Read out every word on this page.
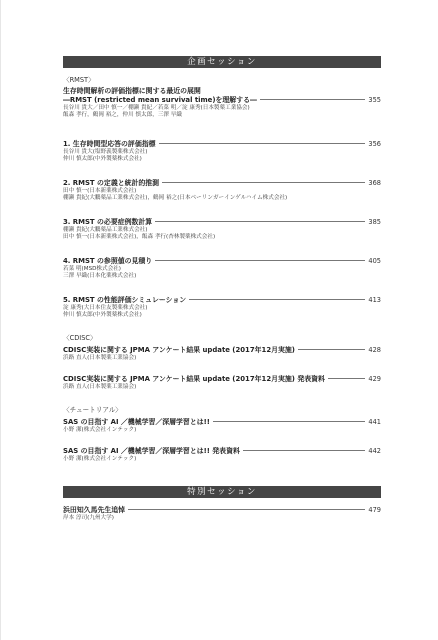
企画セッション
〈RMST〉
生存時間解析の評価指標に関する最近の展開
―RMST (restricted mean survival time)を理解する―	355
長谷川 貴大／田中 慎一／棚瀬 貴紀／若菜 明／淀 康秀(日本製薬工業協会)
飯森 孝行，鶴岡 裕之，仲川 慎太郎，三澤 早織
1. 生存時間型応答の評価指標	356
長谷川 貴大(塩野義製薬株式会社)
仲川 慎太郎(中外製薬株式会社)
2. RMST の定義と統計的推測	368
田中 慎一(日本新薬株式会社)
棚瀬 貴紀(大鵬薬品工業株式会社)，鶴岡 裕之(日本ベーリンガーインゲルハイム株式会社)
3. RMST の必要症例数計算	385
棚瀬 貴紀(大鵬薬品工業株式会社)
田中 慎一(日本新薬株式会社)，飯森 孝行(杏林製薬株式会社)
4. RMST の参照値の見積り	405
若菜 明(MSD株式会社)
三澤 早織(日本化薬株式会社)
5. RMST の性能評価シミュレーション	413
淀 康秀(大日本住友製薬株式会社)
仲川 慎太郎(中外製薬株式会社)
〈CDISC〉
CDISC実装に関する JPMA アンケート結果 update (2017年12月実施)	428
浜路 直人(日本製薬工業協会)
CDISC実装に関する JPMA アンケート結果 update (2017年12月実施) 発表資料	429
浜路 直人(日本製薬工業協会)
〈チュートリアル〉
SAS の目指す AI ／機械学習／深層学習とは!!	441
小野 潔(株式会社インテック)
SAS の目指す AI ／機械学習／深層学習とは!! 発表資料	442
小野 潔(株式会社インテック)
特別セッション
浜田知久馬先生追悼	479
岸本 淳司(九州大学)
